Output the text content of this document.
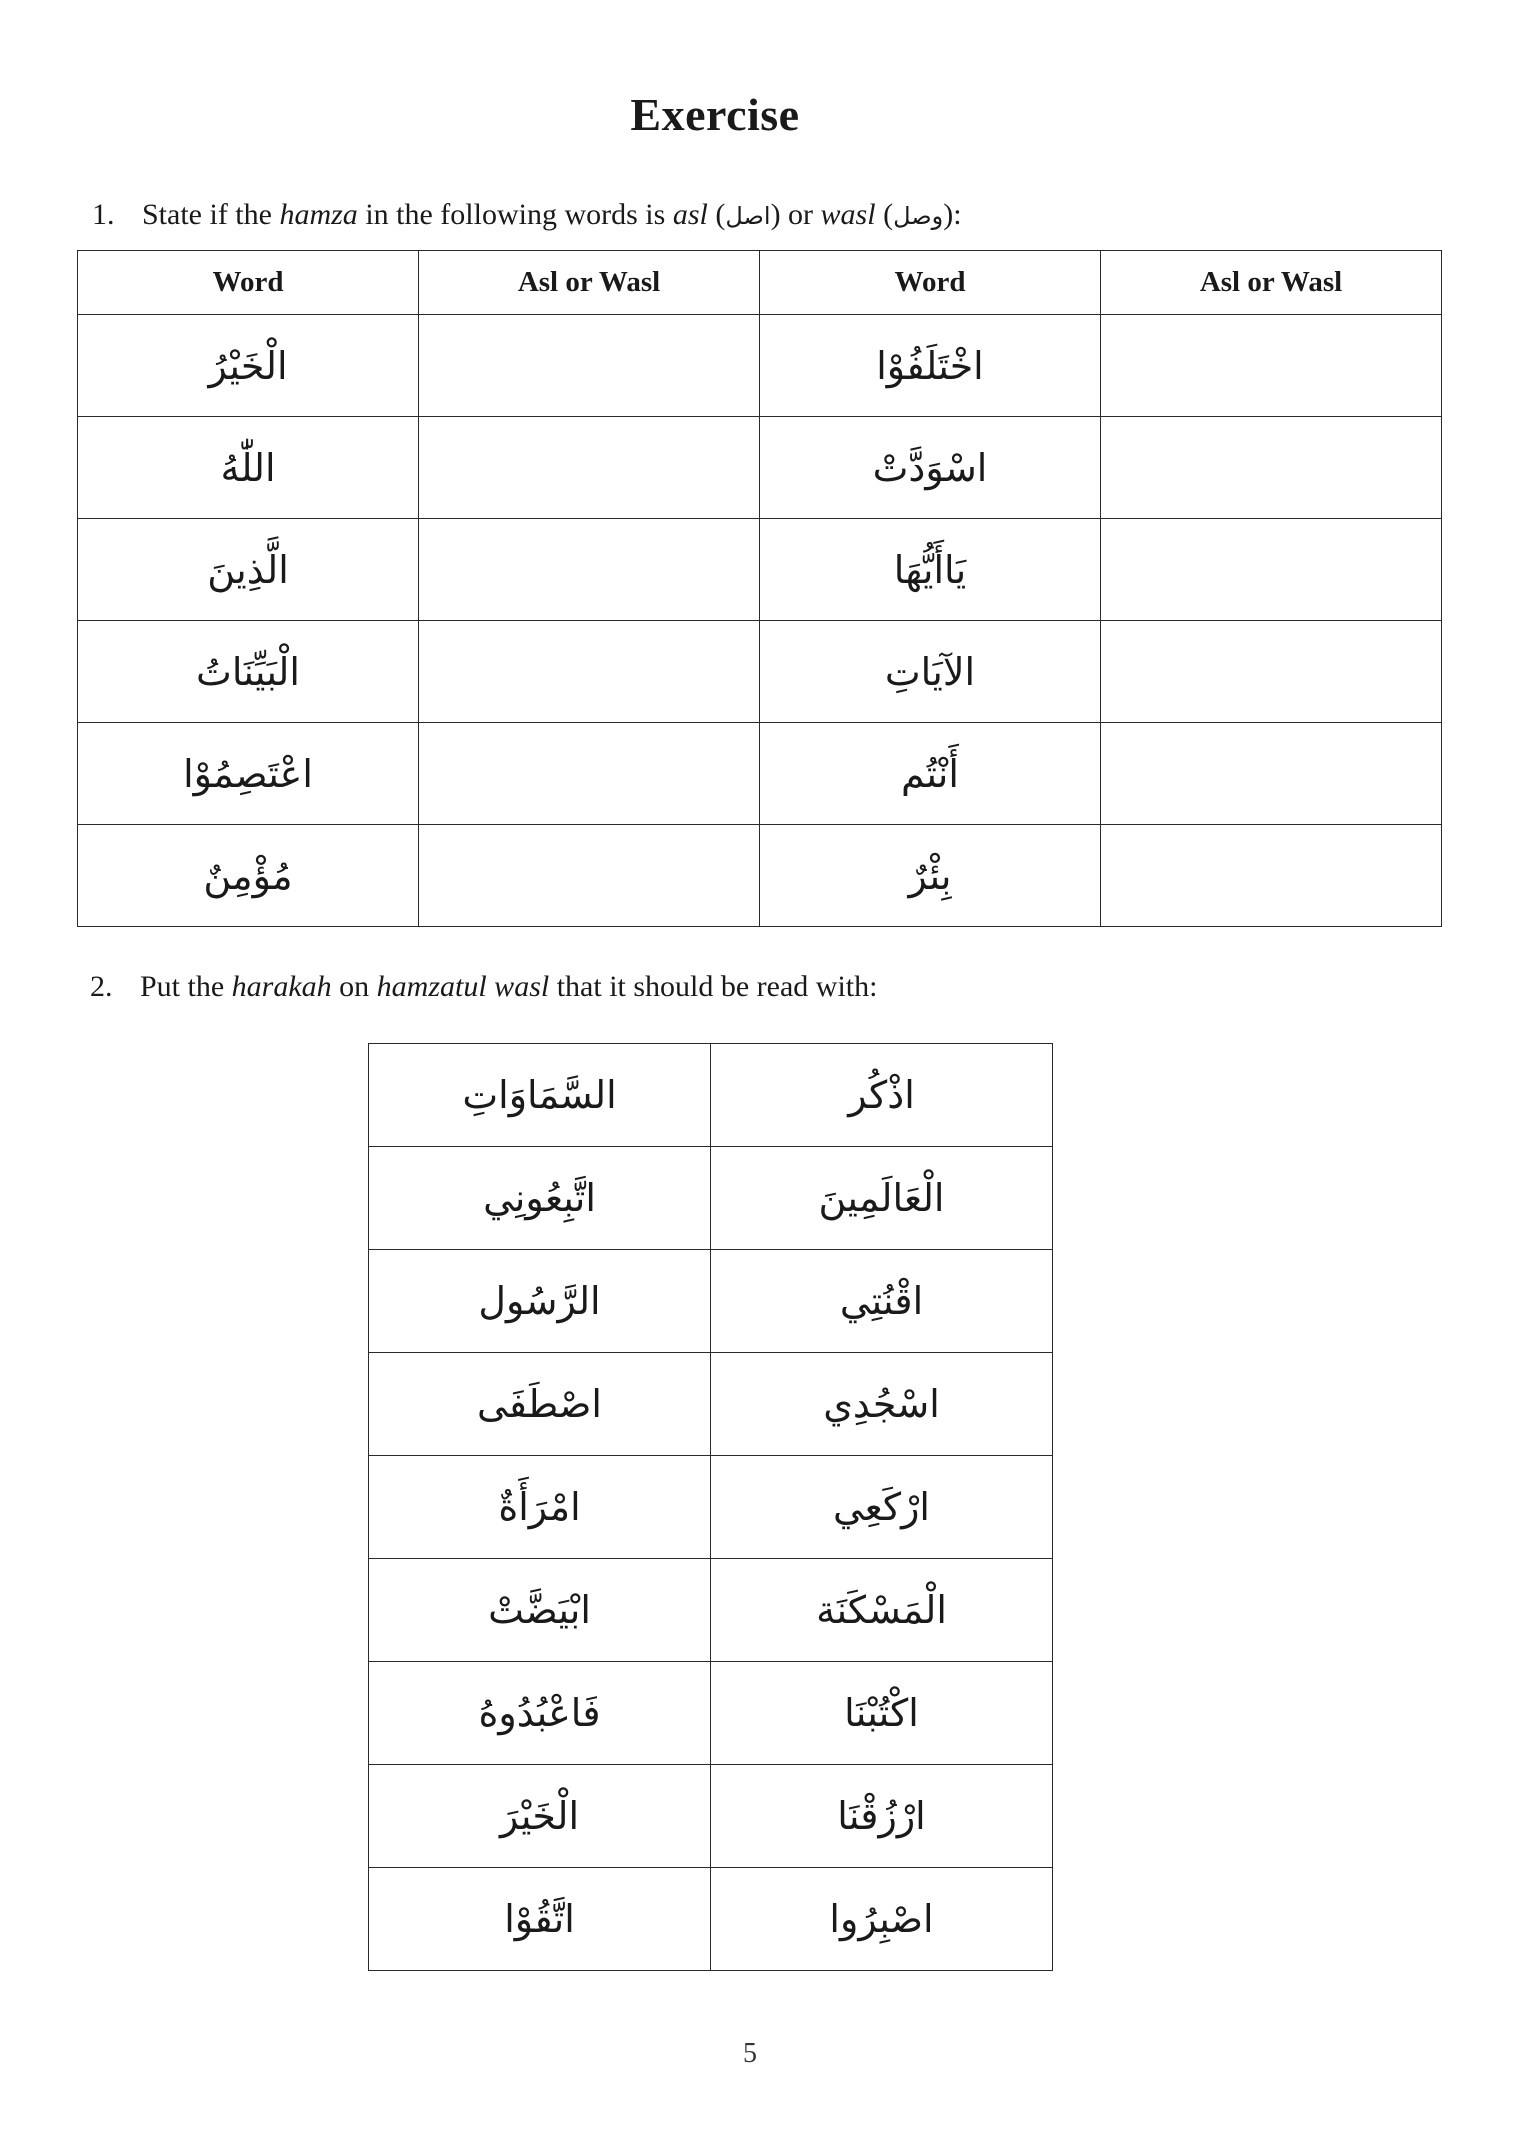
Exercise
1. State if the hamza in the following words is asl (اصل) or wasl (وصل):
Word	Asl or Wasl	Word	Asl or Wasl
الْخَيْرُ		اخْتَلَفُوْا	
اللّٰهُ		اسْوَدَّتْ	
الَّذِينَ		يَاأَيُّهَا	
الْبَيِّنَاتُ		الآيَاتِ	
اعْتَصِمُوْا		أَنْتُم	
مُؤْمِنٌ		بِئْرٌ	
2. Put the harakah on hamzatul wasl that it should be read with:
السَّمَاوَاتِ	اذْكُر
اتَّبِعُونِي	الْعَالَمِينَ
الرَّسُول	اقْنُتِي
اصْطَفَى	اسْجُدِي
امْرَأَةٌ	ارْكَعِي
ابْيَضَّتْ	الْمَسْكَنَة
فَاعْبُدُوهُ	اكْتُبْنَا
الْخَيْرَ	ارْزُقْنَا
اتَّقُوْا	اصْبِرُوا
5
